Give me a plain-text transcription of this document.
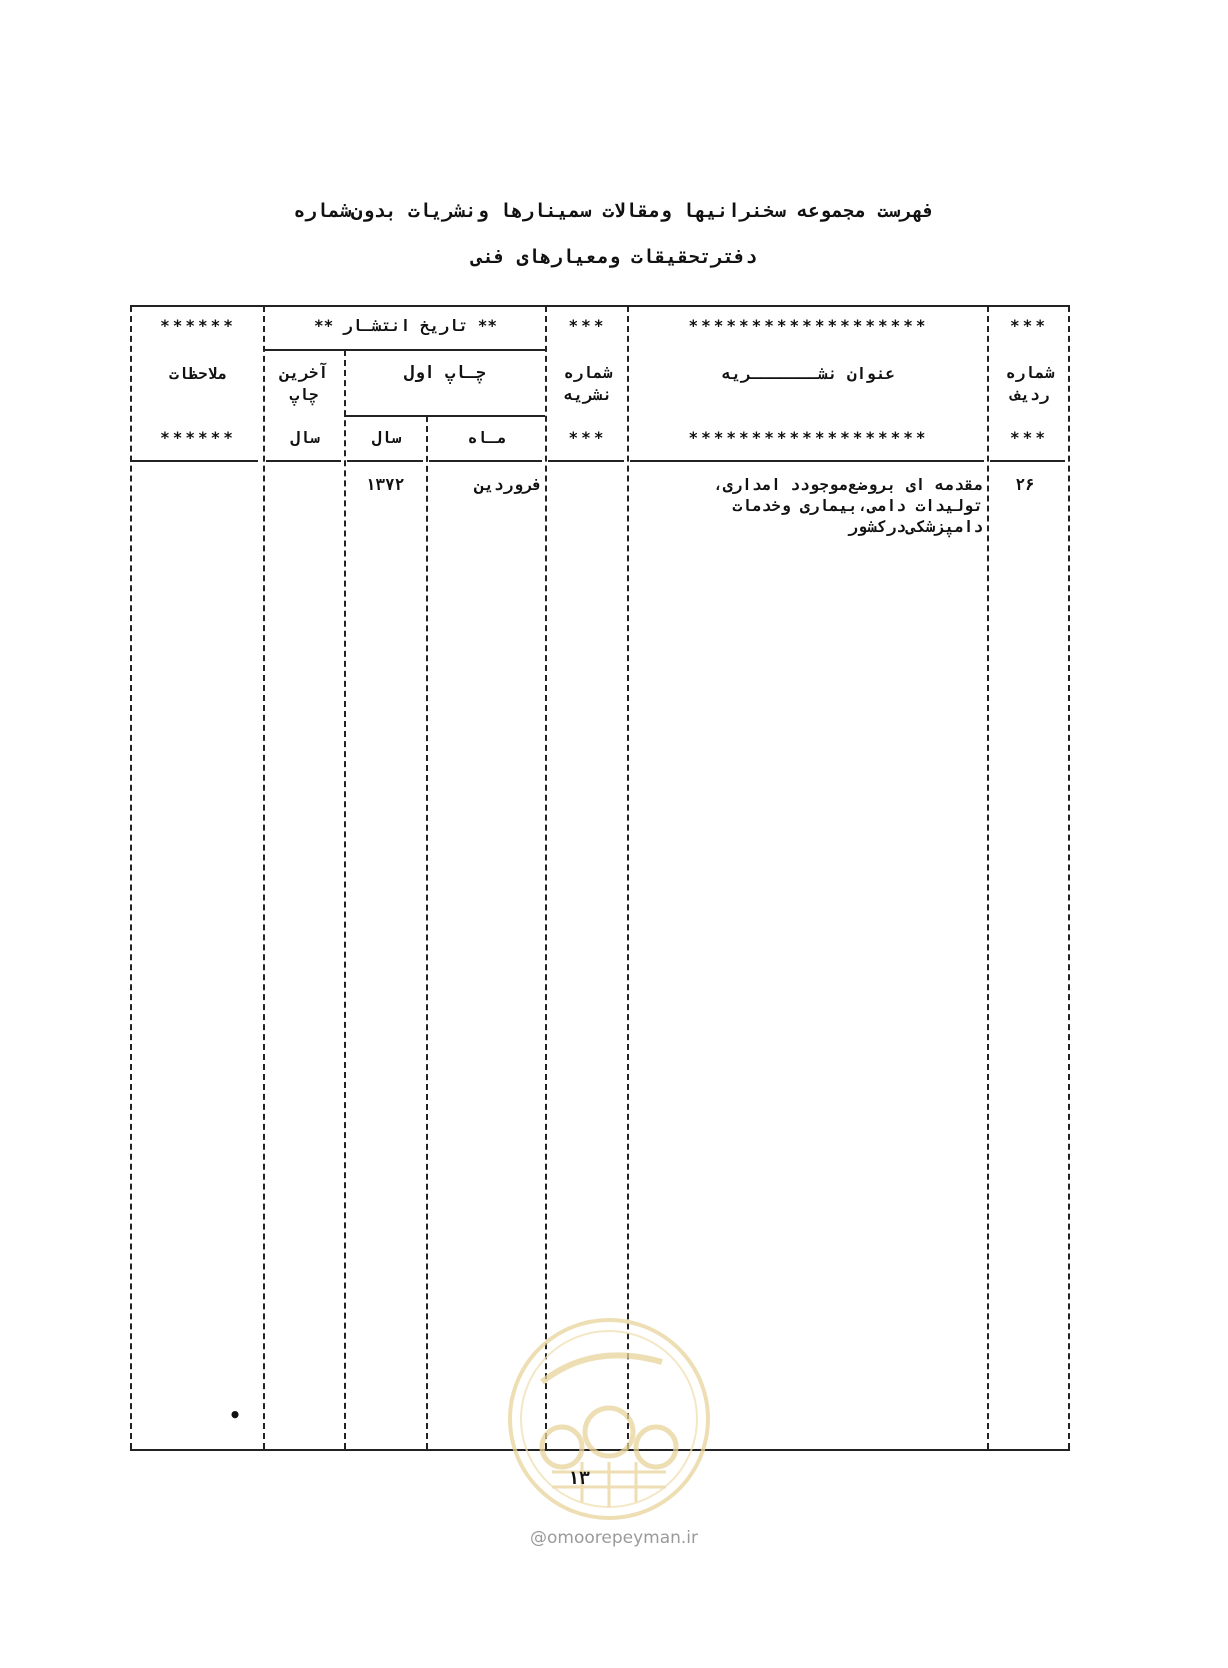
فهرست مجموعه سخنرانیها ومقالات سمینارها ونشریات بدون‌شماره
دفترتحقیقات ومعیارهای فنی
***
*******************
***
** تاریخ انتشـار **
******
شماره ردیف
عنوان نشـــــــریه
شماره نشریه
چـاپ اول
آخرین چاپ
ملاحظات
***
*******************
***
مـاه
سال
سال
******
۲۶
مقدمه ای بروضع‌موجودد امداری،
تولیدات دامی،بیماری وخدمات
دامپزشکی‌درکشور
فروردین
۱۳۷۲
•
۱۳
@omoorepeyman.ir
